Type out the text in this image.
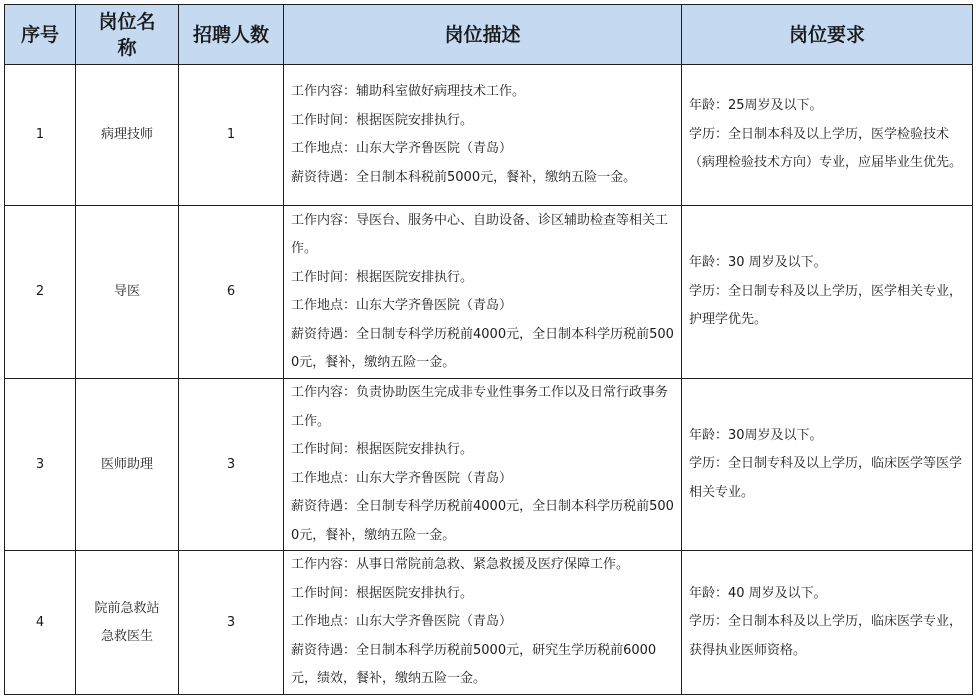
序号	岗位名称	招聘人数	岗位描述	岗位要求
1	病理技师	1	工作内容：辅助科室做好病理技术工作。
工作时间：根据医院安排执行。
工作地点：山东大学齐鲁医院（青岛）
薪资待遇：全日制本科税前5000元，餐补，缴纳五险一金。	年龄：25周岁及以下。
学历：全日制本科及以上学历，医学检验技术（病理检验技术方向）专业，应届毕业生优先。

2	导医	6	工作内容：导医台、服务中心、自助设备、诊区辅助检查等相关工作。
工作时间：根据医院安排执行。
工作地点：山东大学齐鲁医院（青岛）
薪资待遇：全日制专科学历税前4000元，全日制本科学历税前5000元，餐补，缴纳五险一金。	年龄：30 周岁及以下。
学历：全日制专科及以上学历，医学相关专业，护理学优先。

3	医师助理	3	工作内容：负责协助医生完成非专业性事务工作以及日常行政事务工作。
工作时间：根据医院安排执行。
工作地点：山东大学齐鲁医院（青岛）
薪资待遇：全日制专科学历税前4000元，全日制本科学历税前5000元，餐补，缴纳五险一金。	年龄：30周岁及以下。
学历：全日制专科及以上学历，临床医学等医学相关专业。

4	院前急救站
急救医生	3	工作内容：从事日常院前急救、紧急救援及医疗保障工作。
工作时间：根据医院安排执行。
工作地点：山东大学齐鲁医院（青岛）
薪资待遇：全日制本科学历税前5000元，研究生学历税前6000元，绩效，餐补，缴纳五险一金。	年龄：40 周岁及以下。
学历：全日制本科及以上学历，临床医学专业，获得执业医师资格。
